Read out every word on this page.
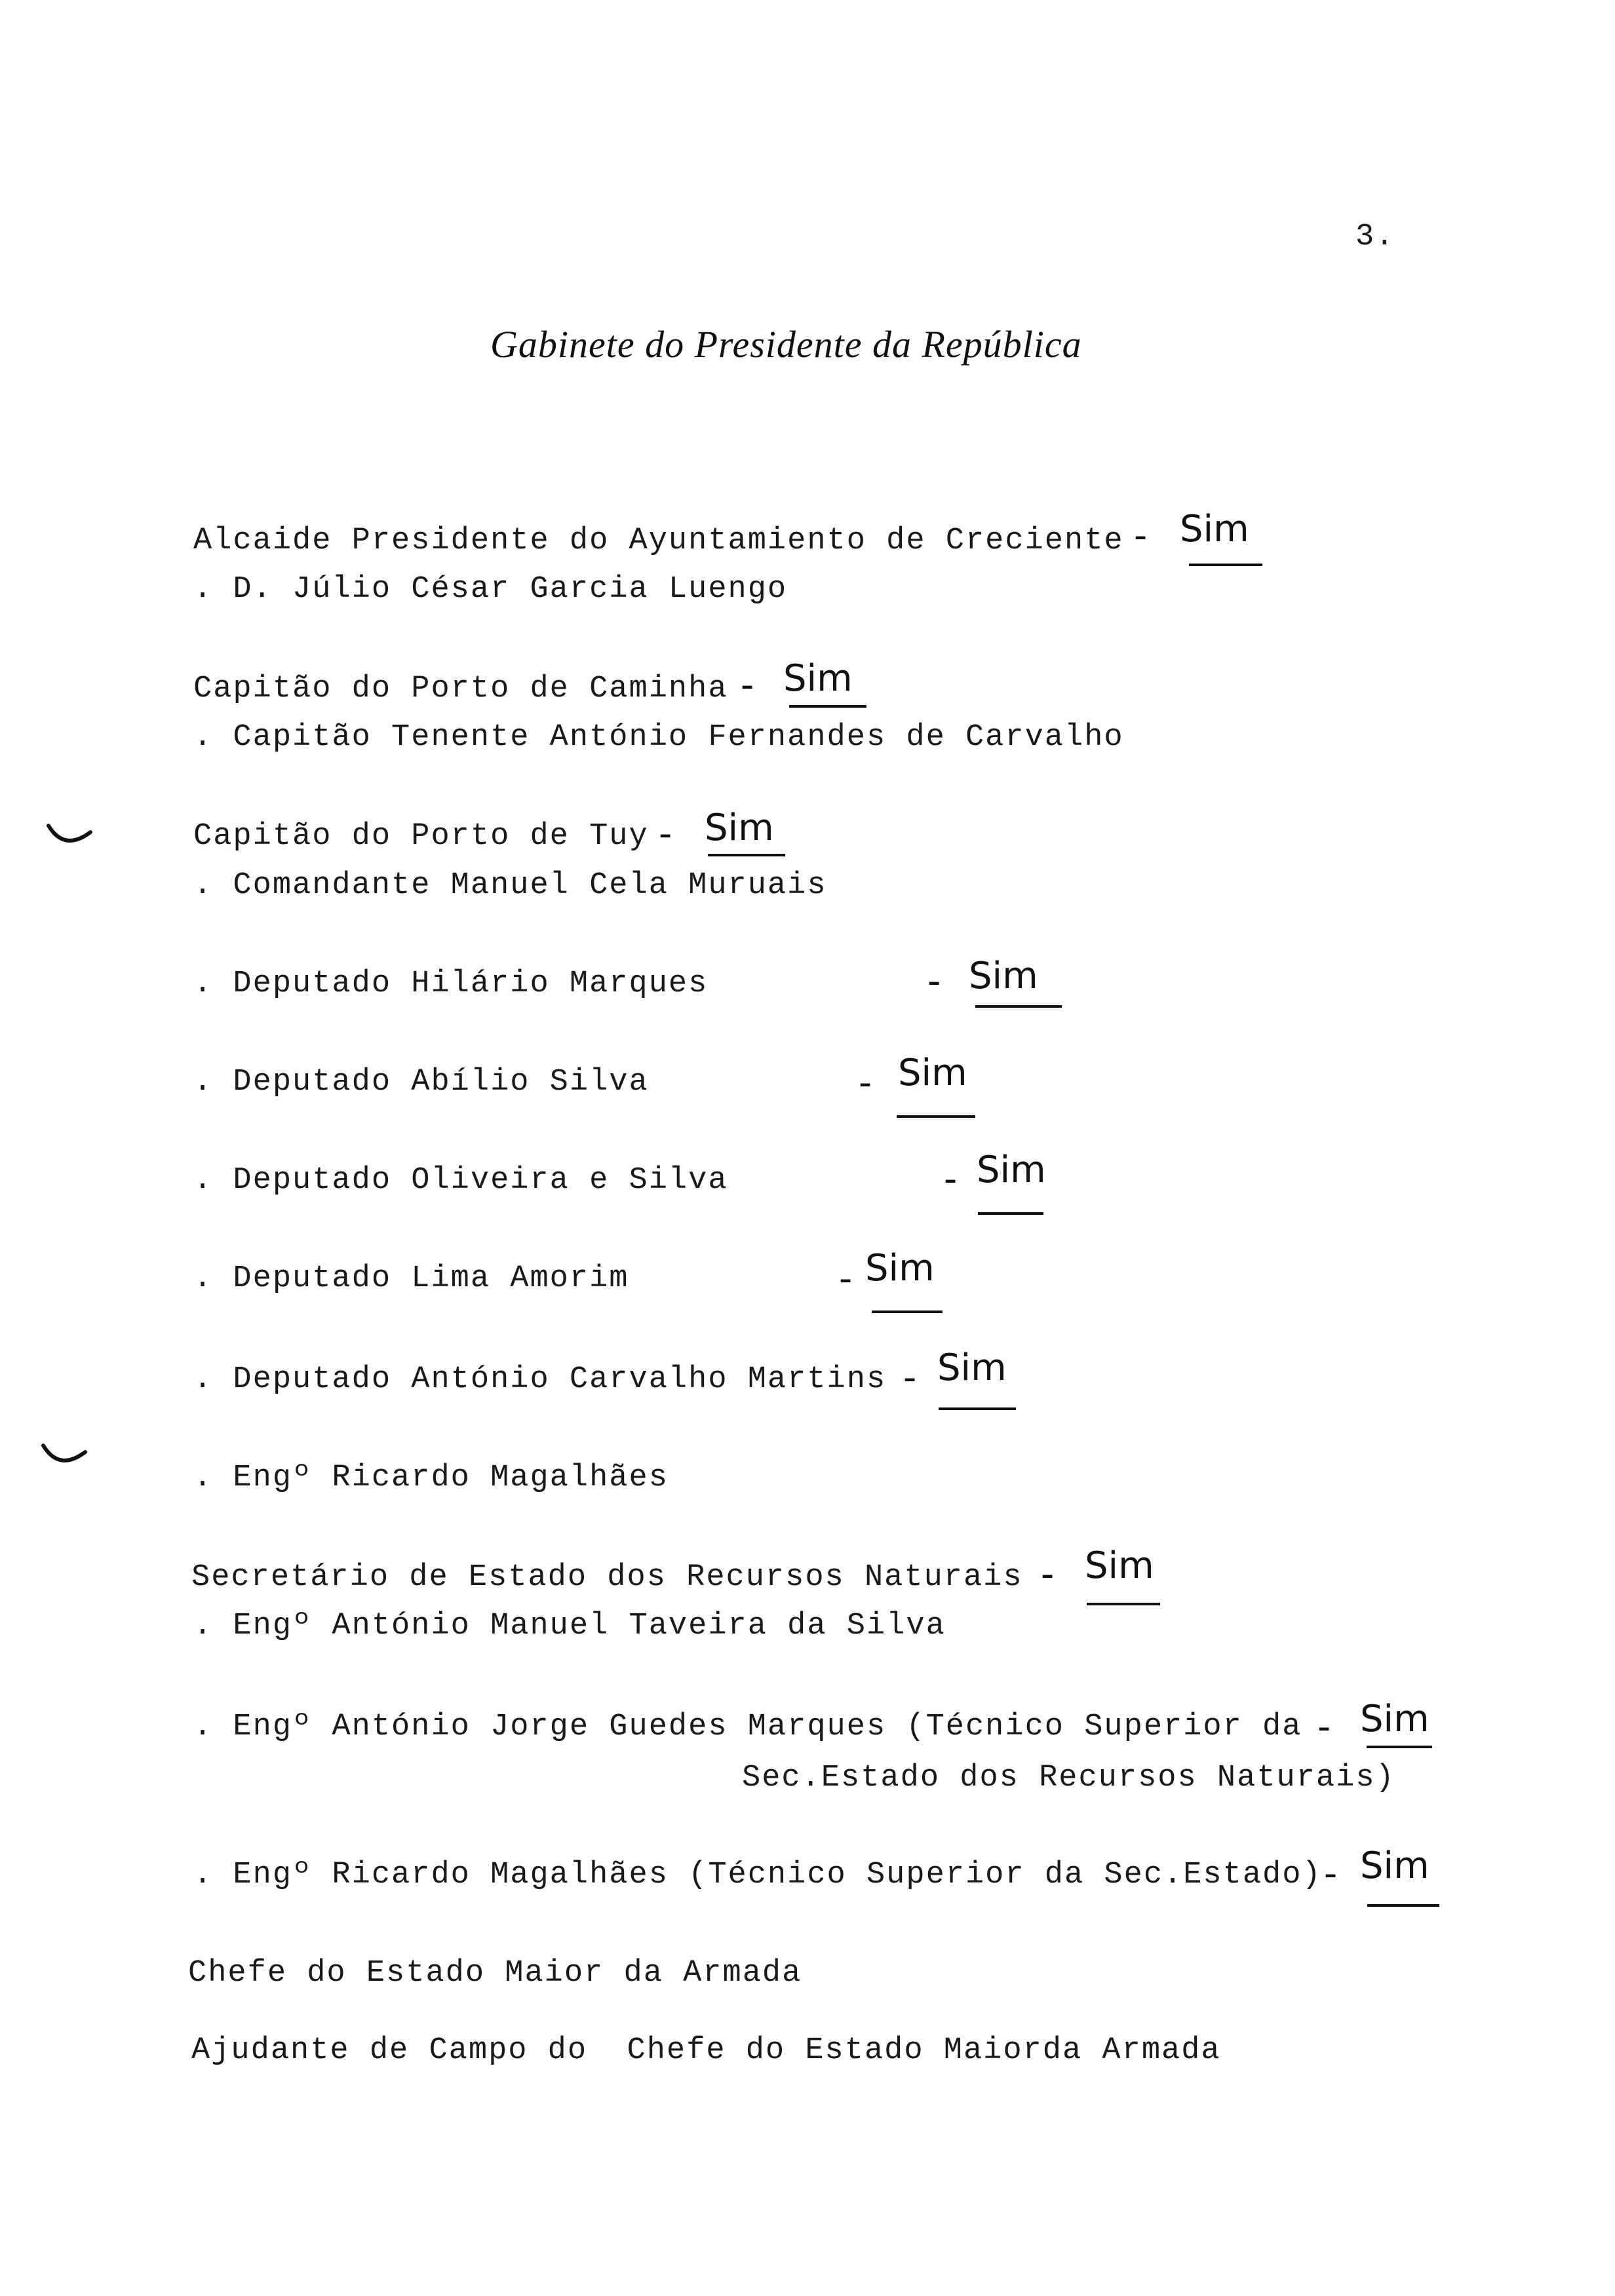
3.
Gabinete do Presidente da República
Alcaide Presidente do Ayuntamiento de Creciente - Sim
. D. Júlio César Garcia Luengo
Capitão do Porto de Caminha - Sim
. Capitão Tenente António Fernandes de Carvalho
Capitão do Porto de Tuy - Sim
. Comandante Manuel Cela Muruais
. Deputado Hilário Marques	- Sim
. Deputado Abílio Silva	- Sim
. Deputado Oliveira e Silva	- Sim
. Deputado Lima Amorim	- Sim
. Deputado António Carvalho Martins - Sim
. Engº Ricardo Magalhães
Secretário de Estado dos Recursos Naturais - Sim
. Engº António Manuel Taveira da Silva
. Engº António Jorge Guedes Marques (Técnico Superior da - Sim
Sec.Estado dos Recursos Naturais)
. Engº Ricardo Magalhães (Técnico Superior da Sec.Estado) - Sim
Chefe do Estado Maior da Armada
Ajudante de Campo do  Chefe do Estado Maiorda Armada
